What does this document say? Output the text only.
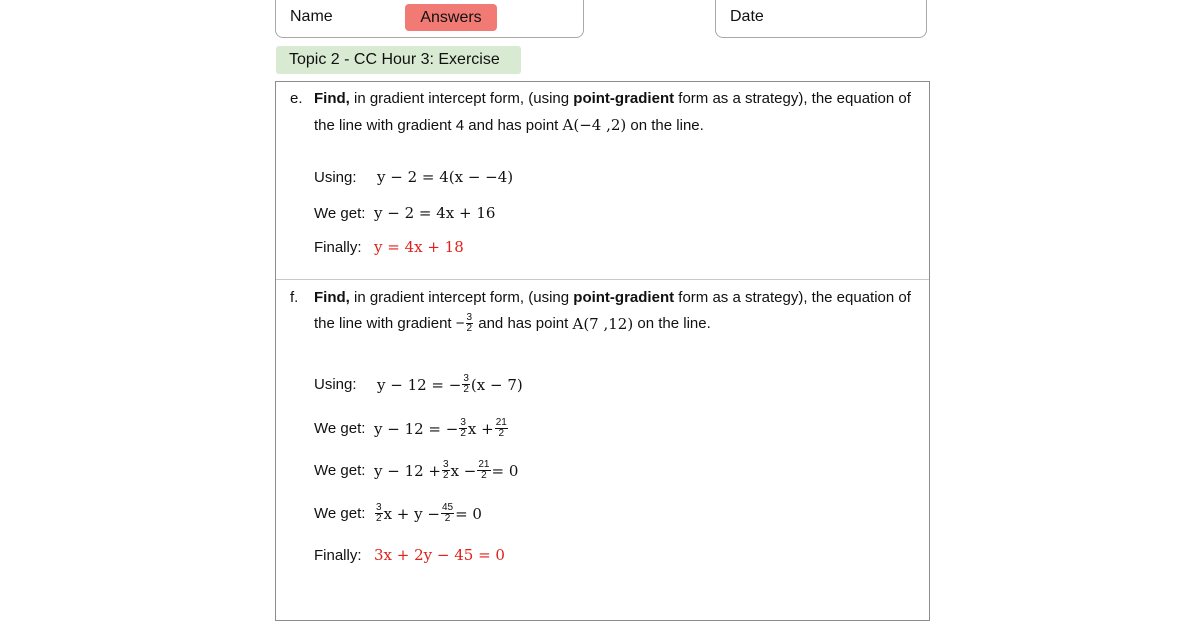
Name	Answers	Date
Topic 2 - CC Hour 3: Exercise
e. Find, in gradient intercept form, (using point-gradient form as a strategy), the equation of
the line with gradient 4 and has point A(−4 ,2) on the line.
Using:	y − 2 = 4(x − −4)
We get: y − 2 = 4x + 16
Finally: y = 4x + 18
f. Find, in gradient intercept form, (using point-gradient form as a strategy), the equation of
the line with gradient − $\frac{3}{2}$ and has point A(7 ,12) on the line.
Using:	y − 12 = − $\frac{3}{2} (x - 7)$
We get: y − 12 = − $\frac{3}{2}$ $x + \frac{21}{2}$
We get: $y - 12 + \frac{3}{2}$ $x - \frac{21}{2} = 0$
We get: $\frac{3}{2}$ $x + y - \frac{45}{2} = 0$
Finally: 3x + 2y − 45 = 0
